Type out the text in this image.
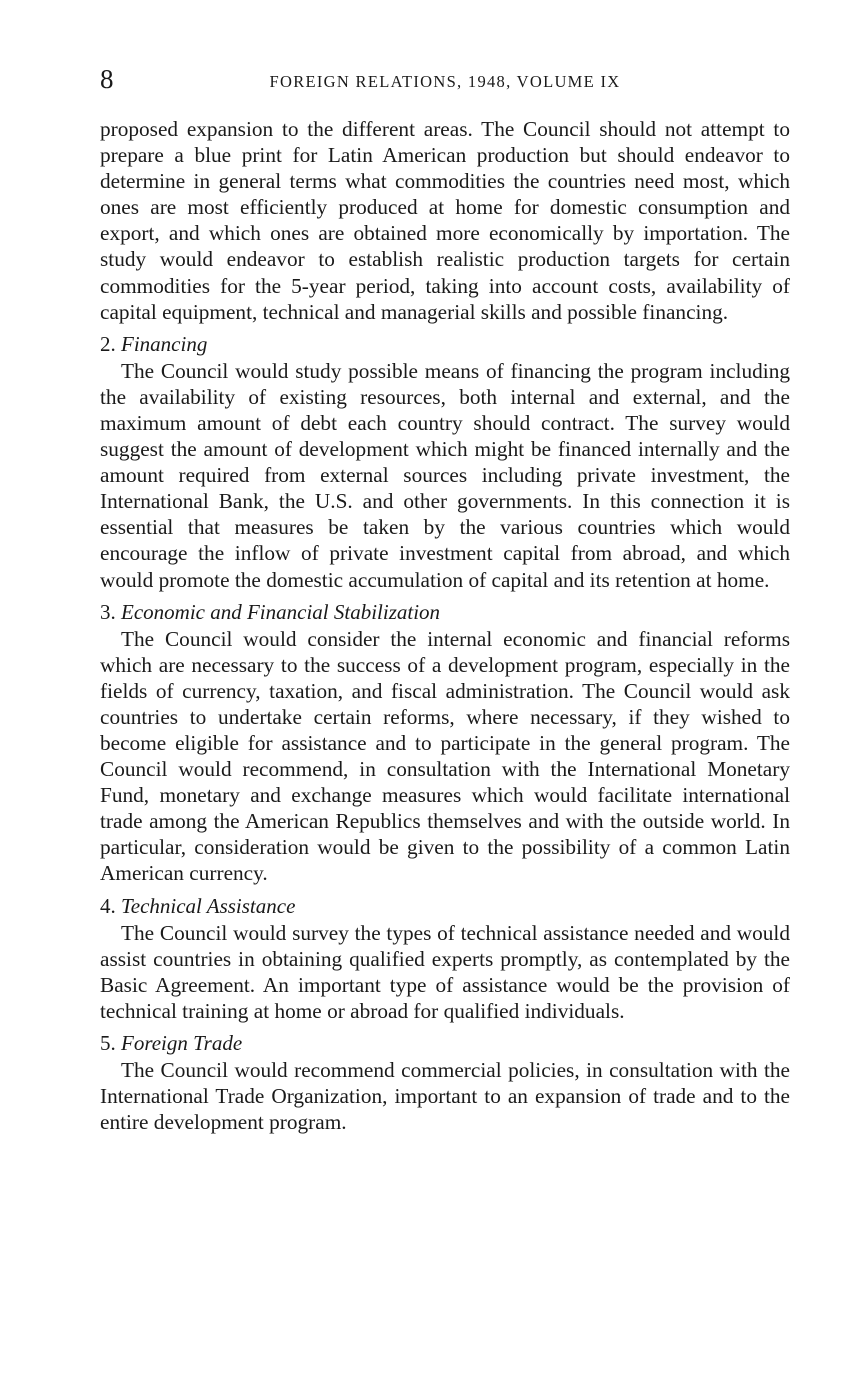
8	FOREIGN RELATIONS, 1948, VOLUME IX

proposed expansion to the different areas. The Council should not attempt to prepare a blue print for Latin American production but should endeavor to determine in general terms what commodities the countries need most, which ones are most efficiently produced at home for domestic consumption and export, and which ones are obtained more economically by importation. The study would endeavor to establish realistic production targets for certain commodities for the 5-year period, taking into account costs, availability of capital equipment, technical and managerial skills and possible financing.

2. Financing

The Council would study possible means of financing the program including the availability of existing resources, both internal and external, and the maximum amount of debt each country should contract. The survey would suggest the amount of development which might be financed internally and the amount required from external sources including private investment, the International Bank, the U.S. and other governments. In this connection it is essential that measures be taken by the various countries which would encourage the inflow of private investment capital from abroad, and which would promote the domestic accumulation of capital and its retention at home.

3. Economic and Financial Stabilization

The Council would consider the internal economic and financial reforms which are necessary to the success of a development program, especially in the fields of currency, taxation, and fiscal administration. The Council would ask countries to undertake certain reforms, where necessary, if they wished to become eligible for assistance and to participate in the general program. The Council would recommend, in consultation with the International Monetary Fund, monetary and exchange measures which would facilitate international trade among the American Republics themselves and with the outside world. In particular, consideration would be given to the possibility of a common Latin American currency.

4. Technical Assistance

The Council would survey the types of technical assistance needed and would assist countries in obtaining qualified experts promptly, as contemplated by the Basic Agreement. An important type of assistance would be the provision of technical training at home or abroad for qualified individuals.

5. Foreign Trade

The Council would recommend commercial policies, in consultation with the International Trade Organization, important to an expansion of trade and to the entire development program.
